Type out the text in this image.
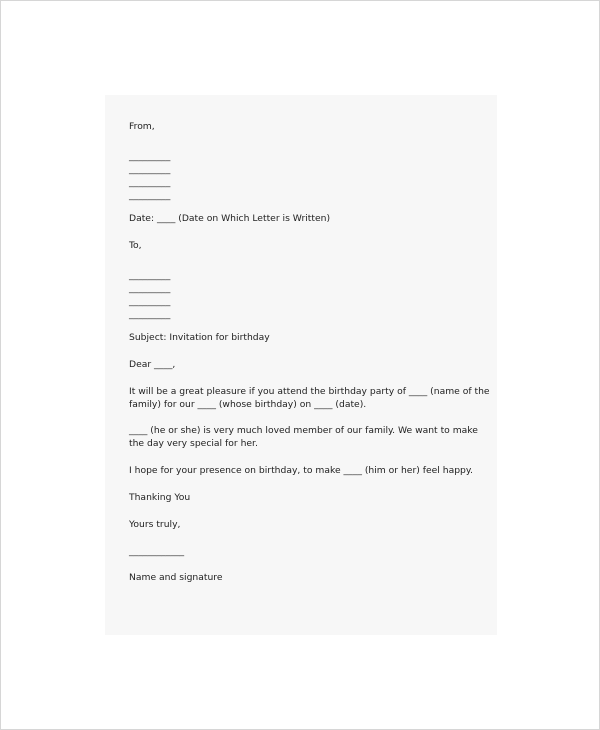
From,
_________
_________
_________
_________
Date: ____ (Date on Which Letter is Written)
To,
_________
_________
_________
_________
Subject: Invitation for birthday
Dear ____,
It will be a great pleasure if you attend the birthday party of ____ (name of the
family) for our ____ (whose birthday) on ____ (date).
____ (he or she) is very much loved member of our family. We want to make
the day very special for her.
I hope for your presence on birthday, to make ____ (him or her) feel happy.
Thanking You
Yours truly,
____________
Name and signature
